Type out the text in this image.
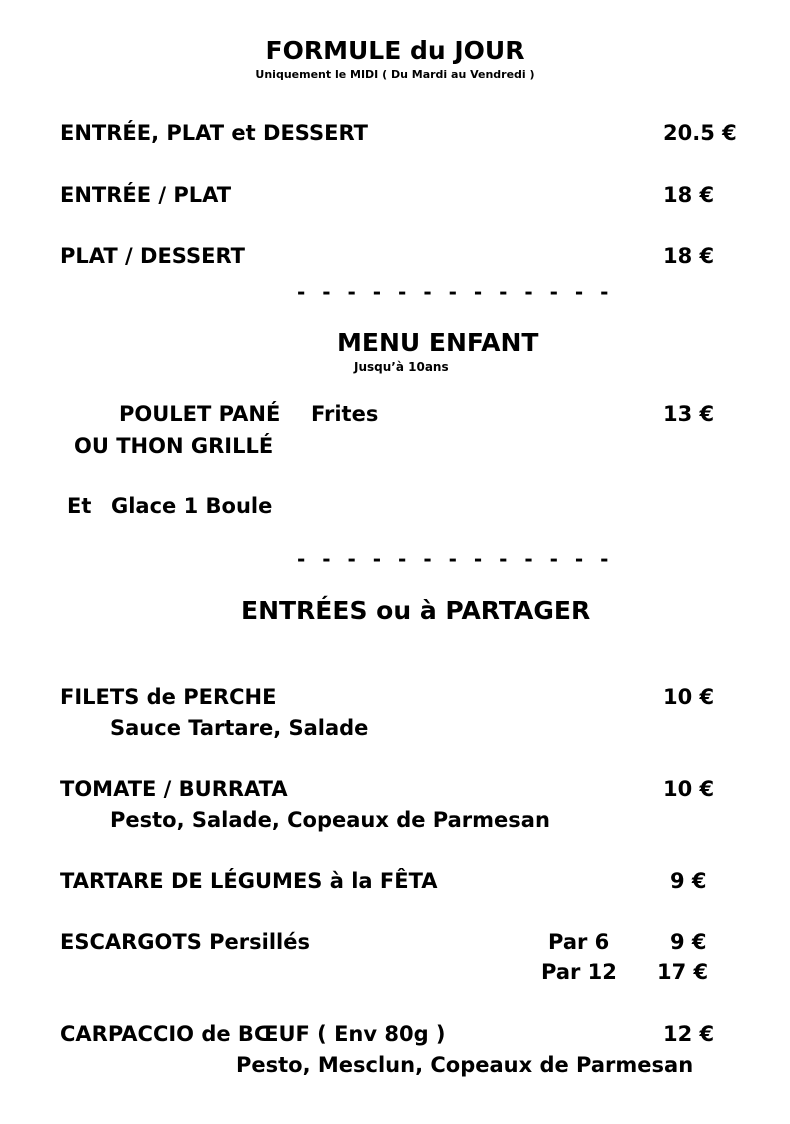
FORMULE du JOUR
Uniquement le MIDI ( Du Mardi au Vendredi )
ENTRÉE, PLAT et DESSERT	20.5 €
ENTRÉE / PLAT	18 €
PLAT / DESSERT	18 €
- - - - - - - - - - - - -
MENU ENFANT
Jusqu’à 10ans
POULET PANÉ Frites	13 €
OU THON GRILLÉ
Et Glace 1 Boule
- - - - - - - - - - - - -
ENTRÉES ou à PARTAGER
FILETS de PERCHE	10 €
Sauce Tartare, Salade
TOMATE / BURRATA	10 €
Pesto, Salade, Copeaux de Parmesan
TARTARE DE LÉGUMES à la FÊTA	9 €
ESCARGOTS Persillés	Par 6	9 €
Par 12 17 €
CARPACCIO de BŒUF ( Env 80g )	12 €
Pesto, Mesclun, Copeaux de Parmesan
